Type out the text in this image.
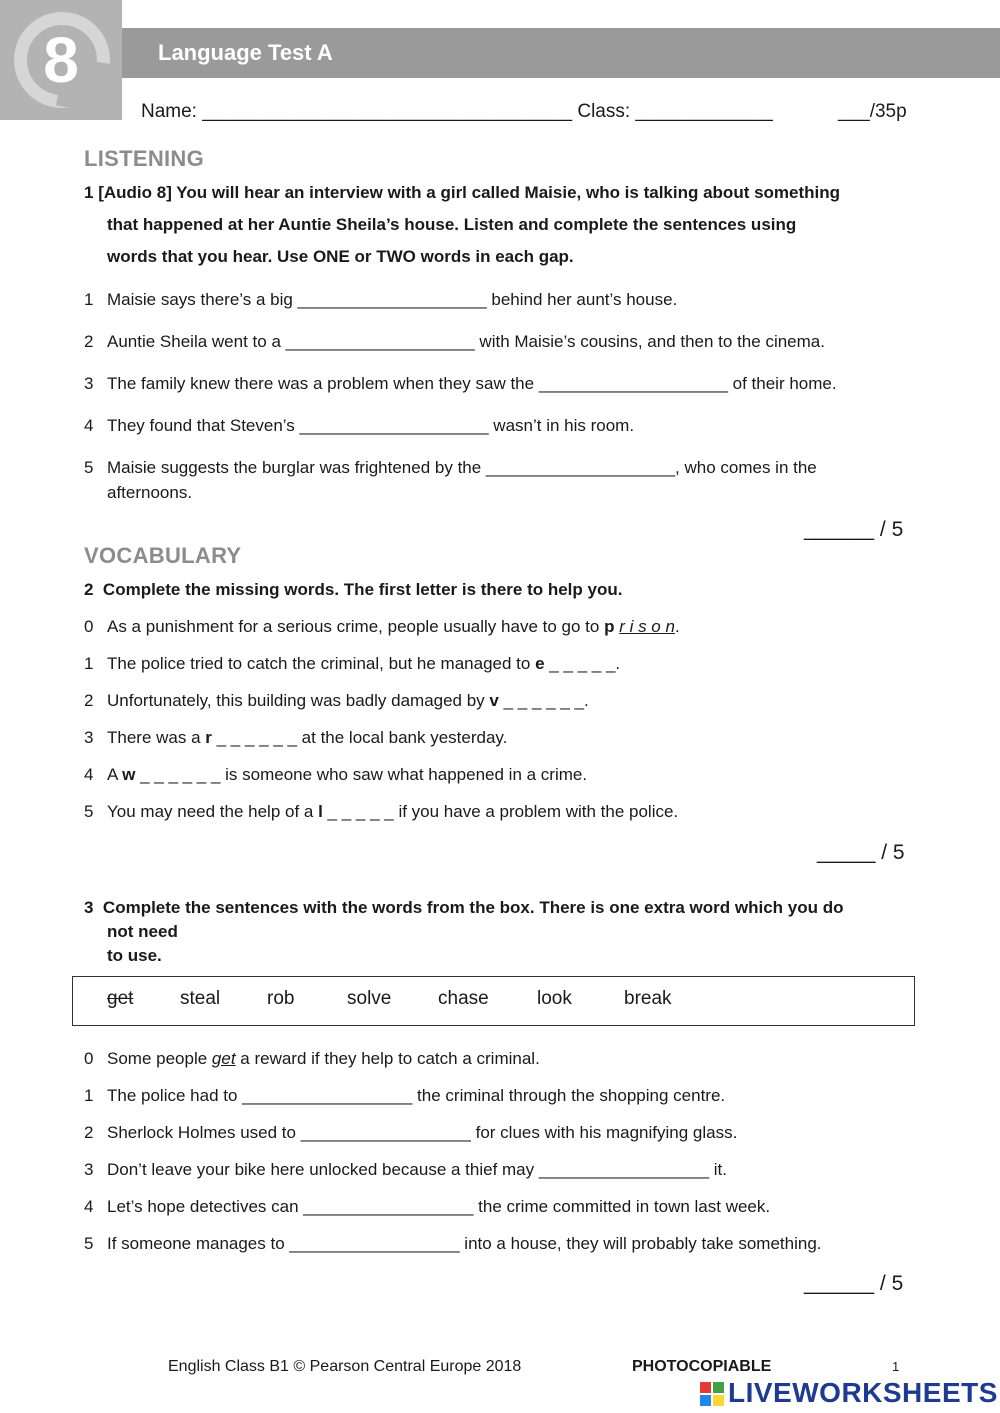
8	Language Test A
Name: ___________________________________ Class: _____________	___/35p
LISTENING
1 [Audio 8] You will hear an interview with a girl called Maisie, who is talking about something
that happened at her Auntie Sheila’s house. Listen and complete the sentences using
words that you hear. Use ONE or TWO words in each gap.
1 Maisie says there’s a big ____________________ behind her aunt’s house.
2 Auntie Sheila went to a ____________________ with Maisie’s cousins, and then to the cinema.
3 The family knew there was a problem when they saw the ____________________ of their home.
4 They found that Steven’s ____________________ wasn’t in his room.
5 Maisie suggests the burglar was frightened by the ____________________, who comes in the
afternoons.
______ / 5
VOCABULARY
2 Complete the missing words. The first letter is there to help you.
0 As a punishment for a serious crime, people usually have to go to p r i s o n.
1 The police tried to catch the criminal, but he managed to e _ _ _ _ _.
2 Unfortunately, this building was badly damaged by v _ _ _ _ _ _.
3 There was a r _ _ _ _ _ _ at the local bank yesterday.
4 A w _ _ _ _ _ _ is someone who saw what happened in a crime.
5 You may need the help of a l _ _ _ _ _ if you have a problem with the police.
_____ / 5
3 Complete the sentences with the words from the box. There is one extra word which you do
not need
to use.
get steal rob	solve chase	look	break
0 Some people get a reward if they help to catch a criminal.
1 The police had to __________________ the criminal through the shopping centre.
2 Sherlock Holmes used to __________________ for clues with his magnifying glass.
3 Don’t leave your bike here unlocked because a thief may __________________ it.
4 Let’s hope detectives can __________________ the crime committed in town last week.
5 If someone manages to __________________ into a house, they will probably take something.
______ / 5
English Class B1 © Pearson Central Europe 2018	PHOTOCOPIABLE	1
LIVEWORKSHEETS
